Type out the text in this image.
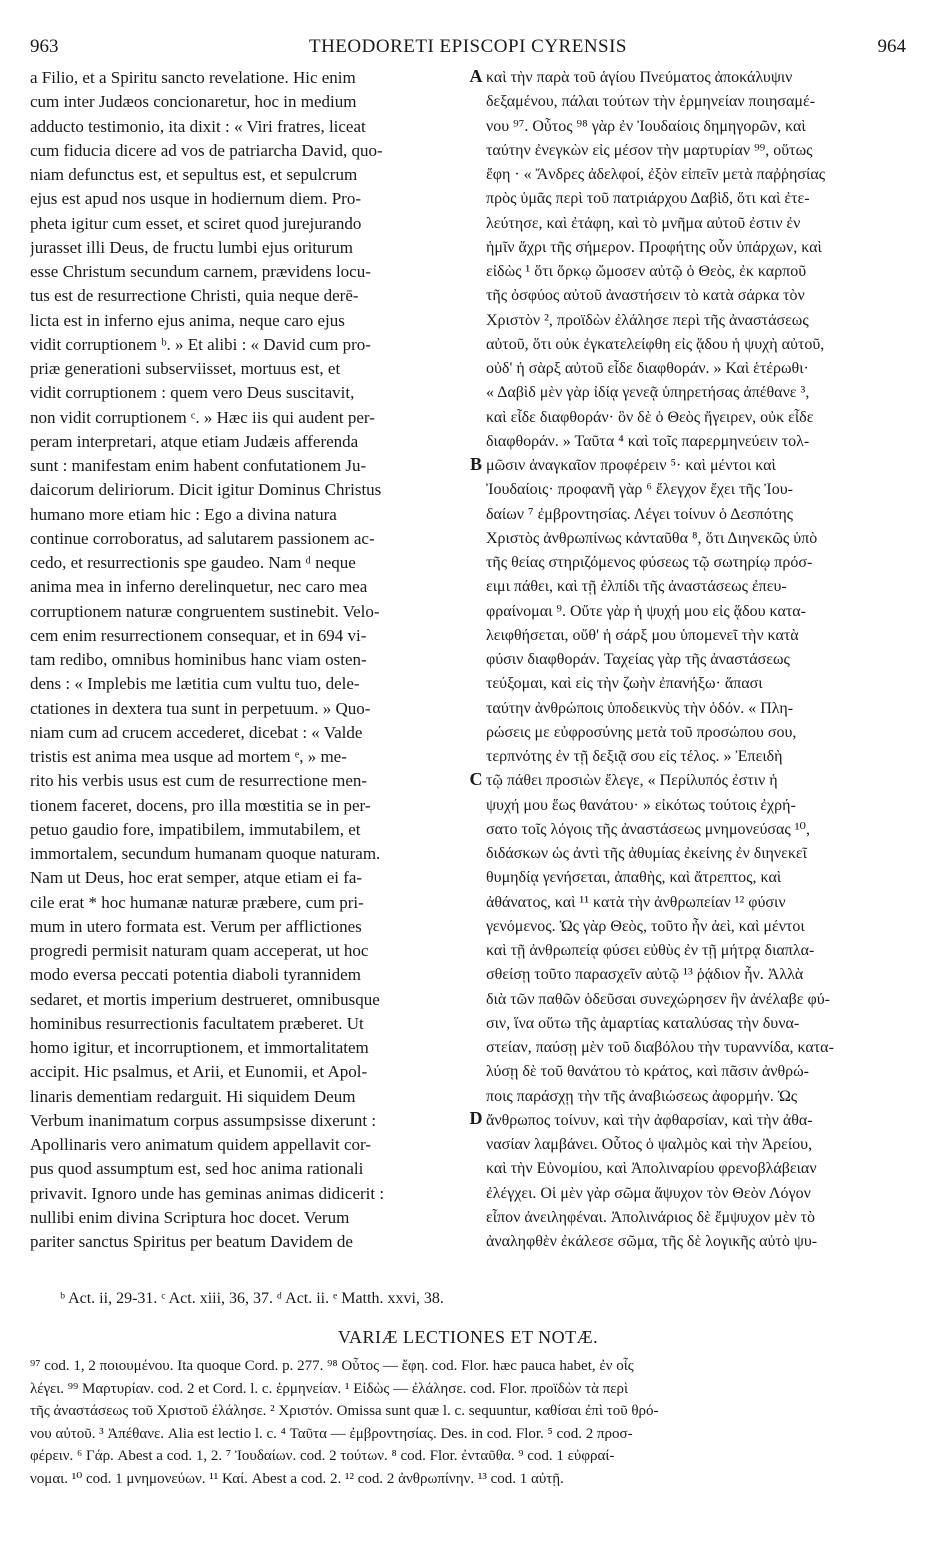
963	THEODORETI EPISCOPI CYRENSIS	964
a Filio, et a Spiritu sancto revelatione. Hic enim
cum inter Judæos concionaretur, hoc in medium
adducto testimonio, ita dixit : « Viri fratres, liceat
cum fiducia dicere ad vos de patriarcha David, quo-
niam defunctus est, et sepultus est, et sepulcrum
ejus est apud nos usque in hodiernum diem. Pro-
pheta igitur cum esset, et sciret quod jurejurando
jurasset illi Deus, de fructu lumbi ejus oriturum
esse Christum secundum carnem, prævidens locu-
tus est de resurrectione Christi, quia neque derē-
licta est in inferno ejus anima, neque caro ejus
vidit corruptionem ᵇ. » Et alibi : « David cum pro-
priæ generationi subserviisset, mortuus est, et
vidit corruptionem : quem vero Deus suscitavit,
non vidit corruptionem ᶜ. » Hæc iis qui audent per-
peram interpretari, atque etiam Judæis afferenda
sunt : manifestam enim habent confutationem Ju-
daicorum deliriorum. Dicit igitur Dominus Christus
humano more etiam hic : Ego a divina natura
continue corroboratus, ad salutarem passionem ac-
cedo, et resurrectionis spe gaudeo. Nam ᵈ neque
anima mea in inferno derelinquetur, nec caro mea
corruptionem naturæ congruentem sustinebit. Velo-
cem enim resurrectionem consequar, et in 694 vi-
tam redibo, omnibus hominibus hanc viam osten-
dens : « Implebis me lætitia cum vultu tuo, dele-
ctationes in dextera tua sunt in perpetuum. » Quo-
niam cum ad crucem accederet, dicebat : « Valde
tristis est anima mea usque ad mortem ᵉ, » me-
rito his verbis usus est cum de resurrectione men-
tionem faceret, docens, pro illa mœstitia se in per-
petuo gaudio fore, impatibilem, immutabilem, et
immortalem, secundum humanam quoque naturam.
Nam ut Deus, hoc erat semper, atque etiam ei fa-
cile erat * hoc humanæ naturæ præbere, cum pri-
mum in utero formata est. Verum per afflictiones
progredi permisit naturam quam acceperat, ut hoc
modo eversa peccati potentia diaboli tyrannidem
sedaret, et mortis imperium destrueret, omnibusque
hominibus resurrectionis facultatem præberet. Ut
homo igitur, et incorruptionem, et immortalitatem
accipit. Hic psalmus, et Arii, et Eunomii, et Apol-
linaris dementiam redarguit. Hi siquidem Deum
Verbum inanimatum corpus assumpsisse dixerunt :
Apollinaris vero animatum quidem appellavit cor-
pus quod assumptum est, sed hoc anima rationali
privavit. Ignoro unde has geminas animas didicerit :
nullibi enim divina Scriptura hoc docet. Verum
pariter sanctus Spiritus per beatum Davidem de
καὶ τὴν παρὰ τοῦ ἁγίου Πνεύματος ἀποκάλυψιν
δεξαμένου, πάλαι τούτων τὴν ἑρμηνείαν ποιησαμέ-
νου ⁹⁷. Οὗτος ⁹⁸ γὰρ ἐν Ἰουδαίοις δημηγορῶν, καὶ
ταύτην ἐνεγκὼν εἰς μέσον τὴν μαρτυρίαν ⁹⁹, οὕτως
ἔφη · « Ἄνδρες ἀδελφοί, ἐξὸν εἰπεῖν μετὰ παῤῥησίας
πρὸς ὑμᾶς περὶ τοῦ πατριάρχου Δαβὶδ, ὅτι καὶ ἐτε-
λεύτησε, καὶ ἐτάφη, καὶ τὸ μνῆμα αὐτοῦ ἐστιν ἐν
ἡμῖν ἄχρι τῆς σήμερον. Προφήτης οὖν ὑπάρχων, καὶ
εἰδὼς ¹ ὅτι ὅρκῳ ὤμοσεν αὐτῷ ὁ Θεὸς, ἐκ καρποῦ
τῆς ὀσφύος αὐτοῦ ἀναστήσειν τὸ κατὰ σάρκα τὸν
Χριστὸν ², προϊδὼν ἐλάλησε περὶ τῆς ἀναστάσεως
αὐτοῦ, ὅτι οὐκ ἐγκατελείφθη εἰς ᾅδου ἡ ψυχὴ αὐτοῦ,
οὐδ' ἡ σὰρξ αὐτοῦ εἶδε διαφθοράν. » Καὶ ἑτέρωθι·
« Δαβὶδ μὲν γὰρ ἰδίᾳ γενεᾷ ὑπηρετήσας ἀπέθανε ³,
καὶ εἶδε διαφθοράν· ὃν δὲ ὁ Θεὸς ἤγειρεν, οὐκ εἶδε
διαφθοράν. » Ταῦτα ⁴ καὶ τοῖς παρερμηνεύειν τολ-
μῶσιν ἀναγκαῖον προφέρειν ⁵· καὶ μέντοι καὶ
Ἰουδαίοις· προφανῆ γὰρ ⁶ ἔλεγχον ἔχει τῆς Ἰου-
δαίων ⁷ ἐμβροντησίας. Λέγει τοίνυν ὁ Δεσπότης
Χριστὸς ἀνθρωπίνως κἀνταῦθα ⁸, ὅτι Διηνεκῶς ὑπὸ
τῆς θείας στηριζόμενος φύσεως τῷ σωτηρίῳ πρόσ-
ειμι πάθει, καὶ τῇ ἐλπίδι τῆς ἀναστάσεως ἐπευ-
φραίνομαι ⁹. Οὔτε γὰρ ἡ ψυχή μου εἰς ᾅδου κατα-
λειφθήσεται, οὔθ' ἡ σάρξ μου ὑπομενεῖ τὴν κατὰ
φύσιν διαφθοράν. Ταχείας γὰρ τῆς ἀναστάσεως
τεύξομαι, καὶ εἰς τὴν ζωὴν ἐπανήξω· ἅπασι
ταύτην ἀνθρώποις ὑποδεικνὺς τὴν ὁδόν. « Πλη-
ρώσεις με εὐφροσύνης μετὰ τοῦ προσώπου σου,
τερπνότης ἐν τῇ δεξιᾷ σου εἰς τέλος. » Ἐπειδὴ
τῷ πάθει προσιὼν ἔλεγε, « Περίλυπός ἐστιν ἡ
ψυχή μου ἕως θανάτου· » εἰκότως τούτοις ἐχρή-
σατο τοῖς λόγοις τῆς ἀναστάσεως μνημονεύσας ¹⁰,
διδάσκων ὡς ἀντὶ τῆς ἀθυμίας ἐκείνης ἐν διηνεκεῖ
θυμηδίᾳ γενήσεται, ἀπαθὴς, καὶ ἄτρεπτος, καὶ
ἀθάνατος, καὶ ¹¹ κατὰ τὴν ἀνθρωπείαν ¹² φύσιν
γενόμενος. Ὡς γὰρ Θεὸς, τοῦτο ἦν ἀεὶ, καὶ μέντοι
καὶ τῇ ἀνθρωπείᾳ φύσει εὐθὺς ἐν τῇ μήτρᾳ διαπλα-
σθείσῃ τοῦτο παρασχεῖν αὐτῷ ¹³ ῥᾴδιον ἦν. Ἀλλὰ
διὰ τῶν παθῶν ὁδεῦσαι συνεχώρησεν ἣν ἀνέλαβε φύ-
σιν, ἵνα οὕτω τῆς ἁμαρτίας καταλύσας τὴν δυνα-
στείαν, παύσῃ μὲν τοῦ διαβόλου τὴν τυραννίδα, κατα-
λύσῃ δὲ τοῦ θανάτου τὸ κράτος, καὶ πᾶσιν ἀνθρώ-
ποις παράσχῃ τὴν τῆς ἀναβιώσεως ἀφορμήν. Ὡς
ἄνθρωπος τοίνυν, καὶ τὴν ἀφθαρσίαν, καὶ τὴν ἀθα-
νασίαν λαμβάνει. Οὗτος ὁ ψαλμὸς καὶ τὴν Ἀρείου,
καὶ τὴν Εὐνομίου, καὶ Ἀπολιναρίου φρενοβλάβειαν
ἐλέγχει. Οἱ μὲν γὰρ σῶμα ἄψυχον τὸν Θεὸν Λόγον
εἶπον ἀνειληφέναι. Ἀπολινάριος δὲ ἔμψυχον μὲν τὸ
ἀναληφθὲν ἐκάλεσε σῶμα, τῆς δὲ λογικῆς αὐτὸ ψυ-
A
B
C
D
ᵇ Act. ii, 29-31. ᶜ Act. xiii, 36, 37. ᵈ Act. ii. ᵉ Matth. xxvi, 38.
VARIÆ LECTIONES ET NOTÆ.
⁹⁷ cod. 1, 2 ποιουμένου. Ita quoque Cord. p. 277. ⁹⁸ Οὗτος — ἔφη. cod. Flor. hæc pauca habet, ἐν οἷς
λέγει. ⁹⁹ Μαρτυρίαν. cod. 2 et Cord. l. c. ἑρμηνείαν. ¹ Εἰδὼς — ἐλάλησε. cod. Flor. προϊδὼν τὰ περὶ
τῆς ἀναστάσεως τοῦ Χριστοῦ ἐλάλησε. ² Χριστόν. Omissa sunt quæ l. c. sequuntur, καθίσαι ἐπὶ τοῦ θρό-
νου αὐτοῦ. ³ Ἀπέθανε. Alia est lectio l. c. ⁴ Ταῦτα — ἐμβροντησίας. Des. in cod. Flor. ⁵ cod. 2 προσ-
φέρειν. ⁶ Γάρ. Abest a cod. 1, 2. ⁷ Ἰουδαίων. cod. 2 τούτων. ⁸ cod. Flor. ἐνταῦθα. ⁹ cod. 1 εὐφραί-
νομαι. ¹⁰ cod. 1 μνημονεύων. ¹¹ Καί. Abest a cod. 2. ¹² cod. 2 ἀνθρωπίνην. ¹³ cod. 1 αὐτῇ.
